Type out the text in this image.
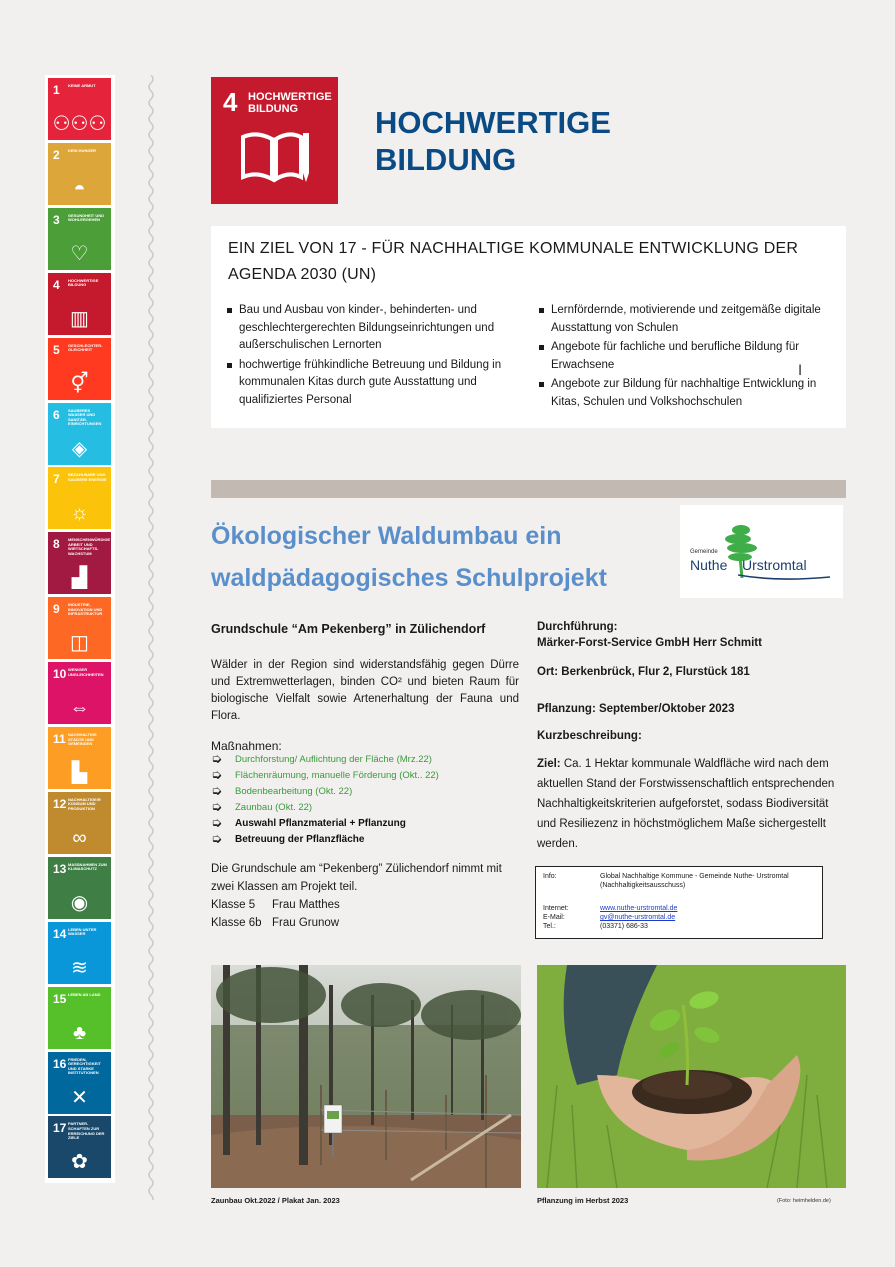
1 KEINE ARMUT
⚇⚇⚇
2 KEIN HUNGER
◓
3 GESUNDHEIT UND WOHLERGEHEN
♡
4 HOCHWERTIGE BILDUNG
▥
5 GESCHLECHTER-GLEICHHEIT
⚥
6 SAUBERES WASSER UND SANITÄR-EINRICHTUNGEN
◈
7 BEZAHLBARE UND SAUBERE ENERGIE
☼
8 MENSCHENWÜRDIGE ARBEIT UND WIRTSCHAFTS-WACHSTUM
▟
9 INDUSTRIE, INNOVATION UND INFRASTRUKTUR
◫
10 WENIGER UNGLEICHHEITEN
⇔
11 NACHHALTIGE STÄDTE UND GEMEINDEN
▙
12 NACHHALTIGE/R KONSUM UND PRODUKTION
∞
13 MASSNAHMEN ZUM KLIMASCHUTZ
◉
14 LEBEN UNTER WASSER
≋
15 LEBEN AN LAND
♣
16 FRIEDEN, GERECHTIGKEIT UND STARKE INSTITUTIONEN
✕
17 PARTNER-SCHAFTEN ZUR ERREICHUNG DER ZIELE
✿
4 HOCHWERTIGE BILDUNG	HOCHWERTIGE
BILDUNG
EIN ZIEL VON 17 - FÜR NACHHALTIGE KOMMUNALE ENTWICKLUNG DER AGENDA 2030 (UN)
Bau und Ausbau von kinder-, behinderten- und geschlechtergerechten Bildungseinrichtungen und außerschulischen Lernorten
hochwertige frühkindliche Betreuung und Bildung in kommunalen Kitas durch gute Ausstattung und qualifiziertes Personal
Lernfördernde, motivierende und zeitgemäße digitale Ausstattung von Schulen
Angebote für fachliche und berufliche Bildung für Erwachsene
Angebote zur Bildung für nachhaltige Entwicklung in Kitas, Schulen und Volkshochschulen
Ι
Ökologischer Waldumbau ein waldpädagogisches Schulprojekt
Gemeinde
Nuthe Urstromtal
Grundschule “Am Pekenberg” in Zülichendorf
Wälder in der Region sind widerstandsfähig gegen Dürre und Extremwetterlagen, binden CO² und bieten Raum für biologische Vielfalt sowie Artenerhaltung der Fauna und Flora.
Maßnahmen:
➭ Durchforstung/ Auflichtung der Fläche (Mrz.22)
➭ Flächenräumung, manuelle Förderung (Okt.. 22)
➭ Bodenbearbeitung (Okt. 22)
➭ Zaunbau (Okt. 22)
➭ Auswahl Pflanzmaterial + Pflanzung
➭ Betreuung der Pflanzfläche
Die Grundschule am “Pekenberg” Zülichendorf nimmt mit zwei Klassen am Projekt teil.
Klasse 5 Frau Matthes
Klasse 6b Frau Grunow
Durchführung:
Märker-Forst-Service GmbH Herr Schmitt
Ort: Berkenbrück, Flur 2, Flurstück 181
Pflanzung: September/Oktober 2023
Kurzbeschreibung:
Ziel: Ca. 1 Hektar kommunale Waldfläche wird nach dem aktuellen Stand der Forstwissenschaftlich entsprechenden Nachhaltigkeitskriterien aufgeforstet, sodass Biodiversität und Resiliezenz in höchstmöglichem Maße sichergestellt werden.
Info:	Global Nachhaltige Kommune - Gemeinde Nuthe- Urstromtal
(Nachhaltigkeitsausschuss)
Internet:	www.nuthe-urstromtal.de
E-Mail:	gv@nuthe-urstromtal.de
Tel.:	(03371) 686-33
Zaunbau Okt.2022 / Plakat Jan. 2023	Pflanzung im Herbst 2023	(Foto: heimhelden.de)
